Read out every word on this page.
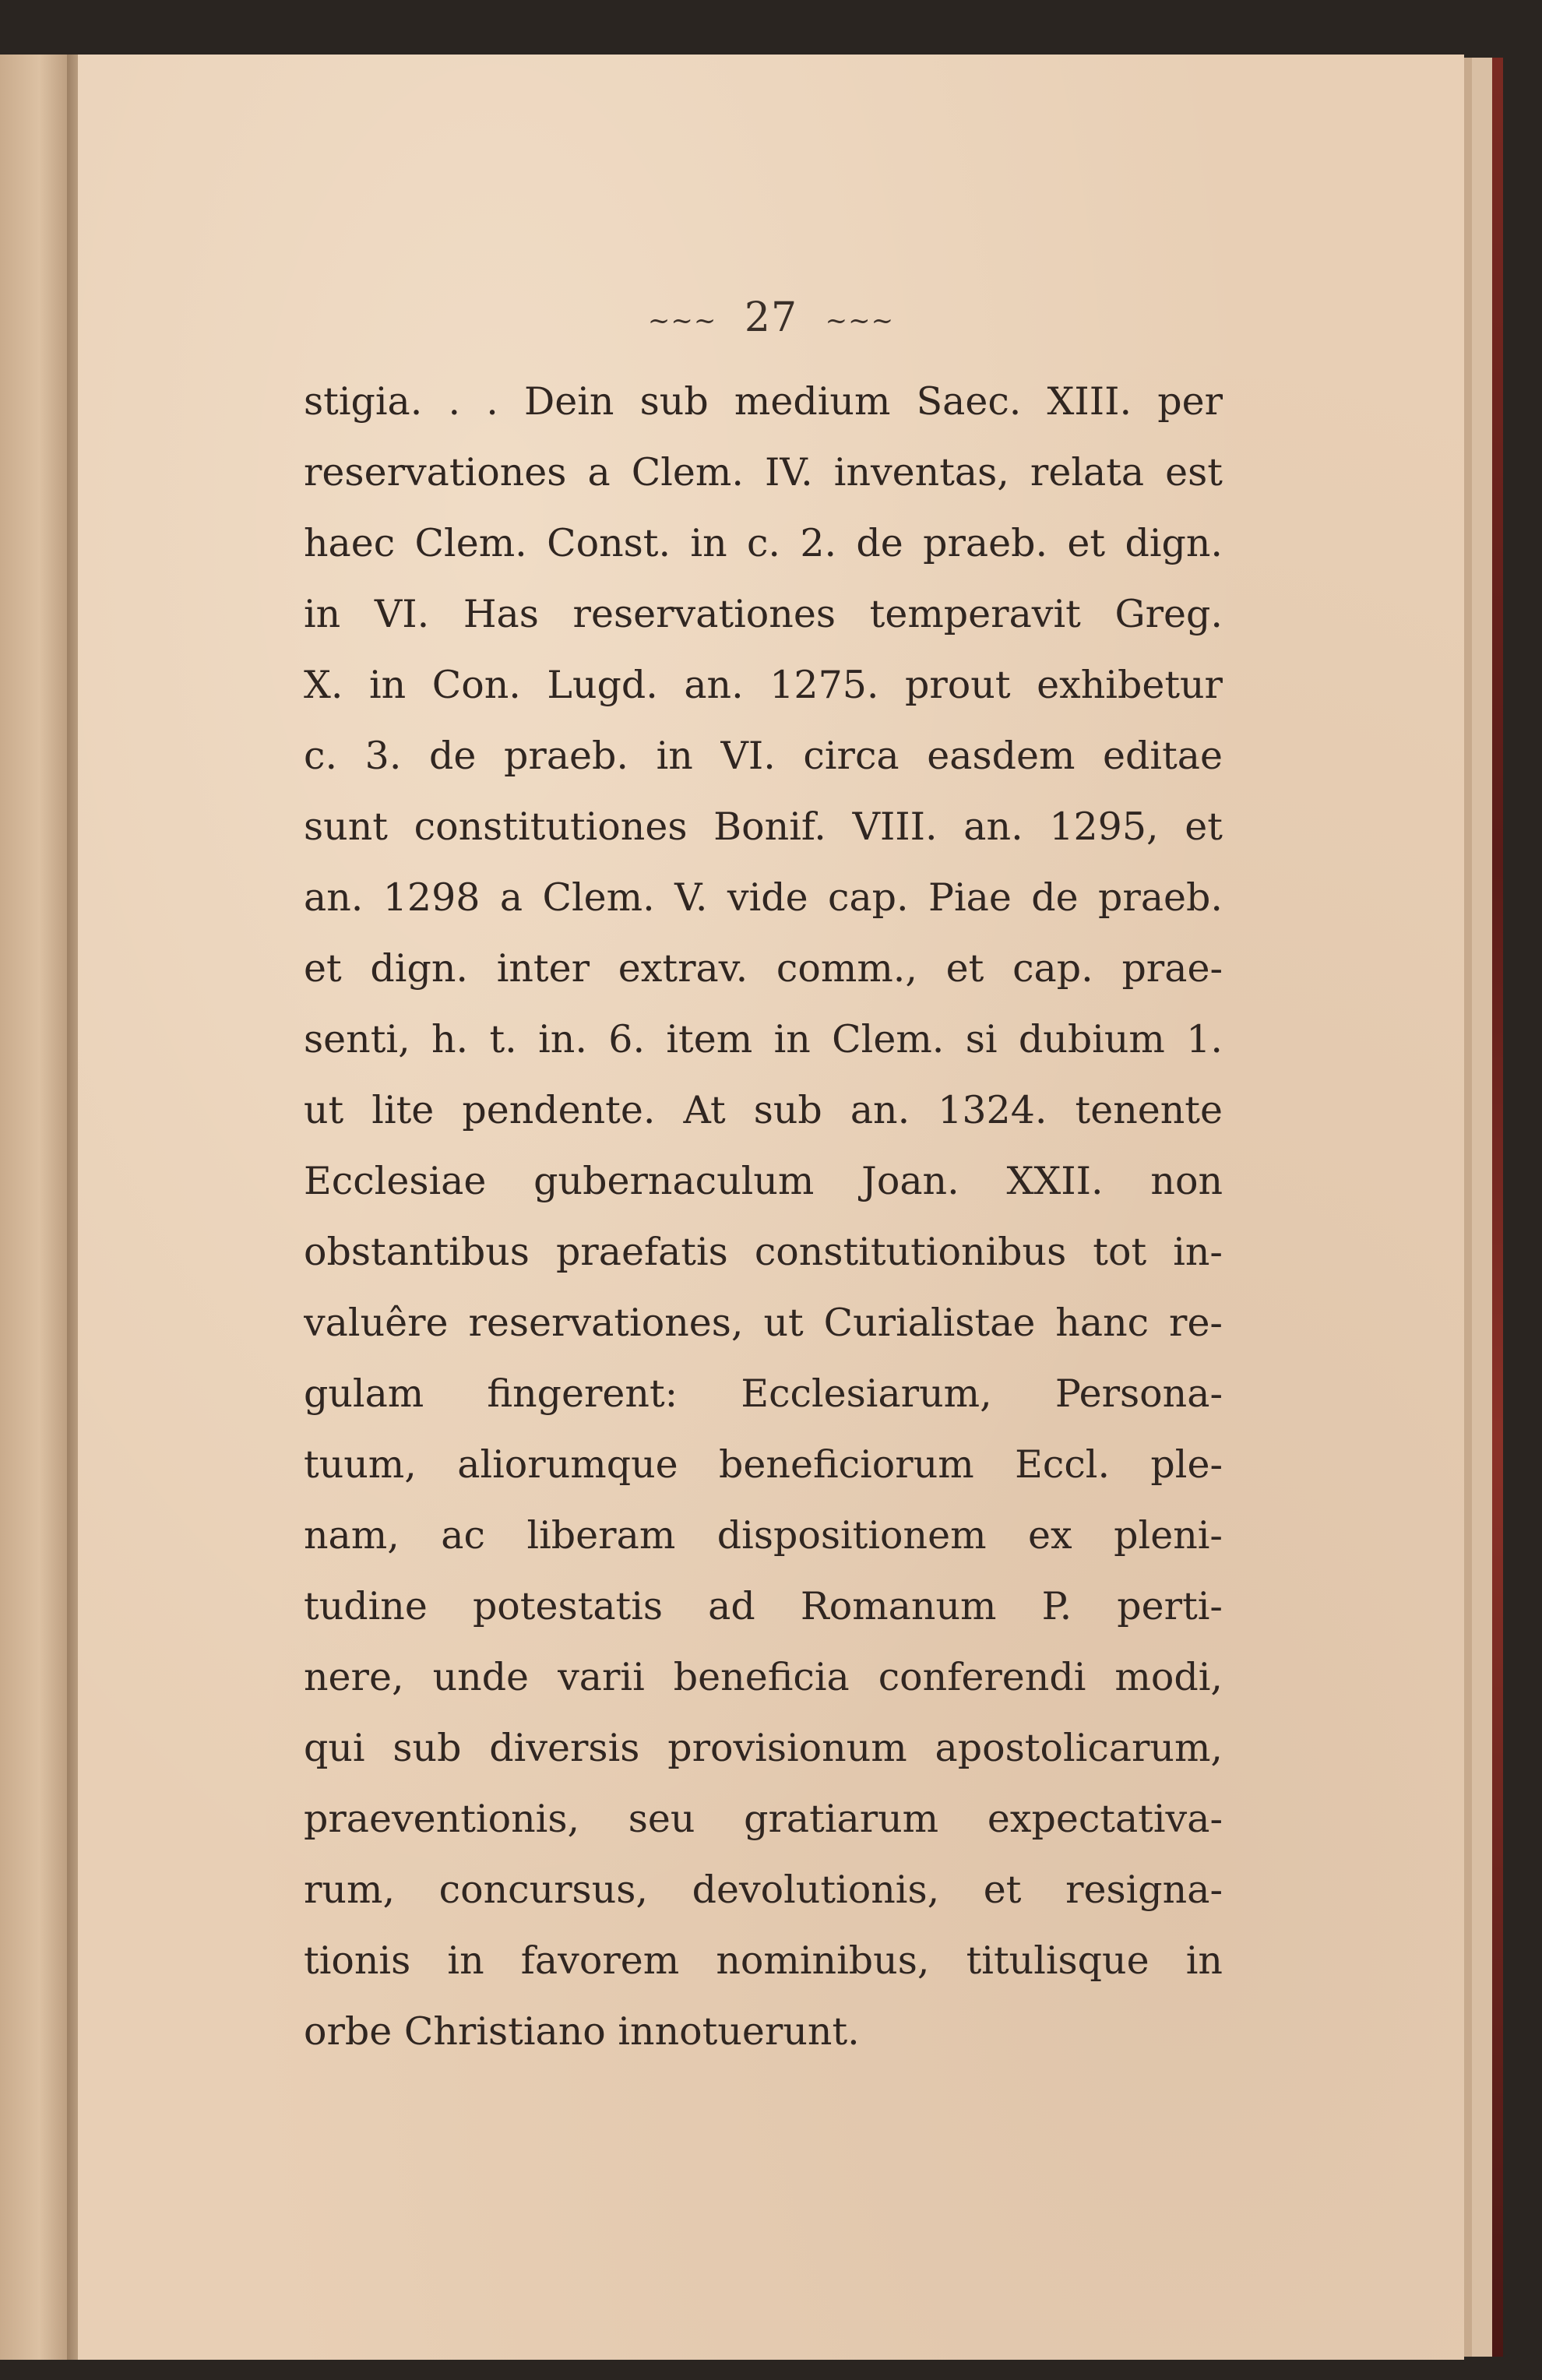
~~~ 27 ~~~
stigia. . . Dein sub medium Saec. XIII. per
reservationes a Clem. IV. inventas, relata est
haec Clem. Const. in c. 2. de praeb. et dign.
in VI. Has reservationes temperavit Greg.
X. in Con. Lugd. an. 1275. prout exhibetur
c. 3. de praeb. in VI. circa easdem editae
sunt constitutiones Bonif. VIII. an. 1295, et
an. 1298 a Clem. V. vide cap. Piae de praeb.
et dign. inter extrav. comm., et cap. prae-
senti, h. t. in. 6. item in Clem. si dubium 1.
ut lite pendente. At sub an. 1324. tenente
Ecclesiae gubernaculum Joan. XXII. non
obstantibus praefatis constitutionibus tot in-
valuêre reservationes, ut Curialistae hanc re-
gulam fingerent: Ecclesiarum, Persona-
tuum, aliorumque beneficiorum Eccl. ple-
nam, ac liberam dispositionem ex pleni-
tudine potestatis ad Romanum P. perti-
nere, unde varii beneficia conferendi modi,
qui sub diversis provisionum apostolicarum,
praeventionis, seu gratiarum expectativa-
rum, concursus, devolutionis, et resigna-
tionis in favorem nominibus, titulisque in
orbe Christiano innotuerunt.
